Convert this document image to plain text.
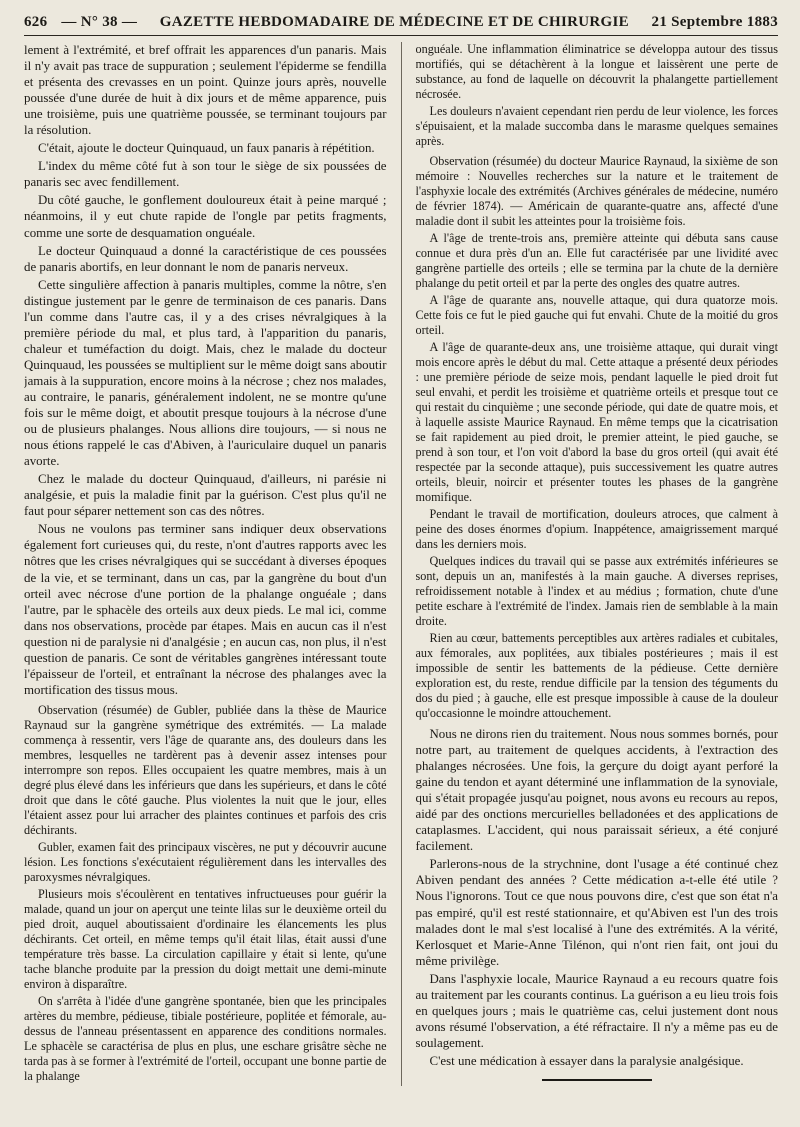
626 — N° 38 —	GAZETTE HEBDOMADAIRE DE MÉDECINE ET DE CHIRURGIE	21 Septembre 1883

lement à l'extrémité, et bref offrait les apparences d'un panaris. Mais il n'y avait pas trace de suppuration ; seulement l'épiderme se fendilla et présenta des crevasses en un point. Quinze jours après, nouvelle poussée d'une durée de huit à dix jours et de même apparence, puis une troisième, puis une quatrième poussée, se terminant toujours par la résolution.

C'était, ajoute le docteur Quinquaud, un faux panaris à répétition.

L'index du même côté fut à son tour le siège de six poussées de panaris sec avec fendillement.

Du côté gauche, le gonflement douloureux était à peine marqué ; néanmoins, il y eut chute rapide de l'ongle par petits fragments, comme une sorte de desquamation onguéale.

Le docteur Quinquaud a donné la caractéristique de ces poussées de panaris abortifs, en leur donnant le nom de panaris nerveux.

Cette singulière affection à panaris multiples, comme la nôtre, s'en distingue justement par le genre de terminaison de ces panaris. Dans l'un comme dans l'autre cas, il y a des crises névralgiques à la première période du mal, et plus tard, à l'apparition du panaris, chaleur et tuméfaction du doigt. Mais, chez le malade du docteur Quinquaud, les poussées se multiplient sur le même doigt sans aboutir jamais à la suppuration, encore moins à la nécrose ; chez nos malades, au contraire, le panaris, généralement indolent, ne se montre qu'une fois sur le même doigt, et aboutit presque toujours à la nécrose d'une ou de plusieurs phalanges. Nous allions dire toujours, — si nous ne nous étions rappelé le cas d'Abiven, à l'auriculaire duquel un panaris avorte.

Chez le malade du docteur Quinquaud, d'ailleurs, ni parésie ni analgésie, et puis la maladie finit par la guérison. C'est plus qu'il ne faut pour séparer nettement son cas des nôtres.

Nous ne voulons pas terminer sans indiquer deux observations également fort curieuses qui, du reste, n'ont d'autres rapports avec les nôtres que les crises névralgiques qui se succédant à diverses époques de la vie, et se terminant, dans un cas, par la gangrène du bout d'un orteil avec nécrose d'une portion de la phalange onguéale ; dans l'autre, par le sphacèle des orteils aux deux pieds. Le mal ici, comme dans nos observations, procède par étapes. Mais en aucun cas il n'est question ni de paralysie ni d'analgésie ; en aucun cas, non plus, il n'est question de panaris. Ce sont de véritables gangrènes intéressant toute l'épaisseur de l'orteil, et entraînant la nécrose des phalanges avec la mortification des tissus mous.

Observation (résumée) de Gubler, publiée dans la thèse de Maurice Raynaud sur la gangrène symétrique des extrémités. — La malade commença à ressentir, vers l'âge de quarante ans, des douleurs dans les membres, lesquelles ne tardèrent pas à devenir assez intenses pour interrompre son repos. Elles occupaient les quatre membres, mais à un degré plus élevé dans les inférieurs que dans les supérieurs, et dans le côté droit que dans le côté gauche. Plus violentes la nuit que le jour, elles l'étaient assez pour lui arracher des plaintes continues et parfois des cris déchirants.

Gubler, examen fait des principaux viscères, ne put y découvrir aucune lésion. Les fonctions s'exécutaient régulièrement dans les intervalles des paroxysmes névralgiques.

Plusieurs mois s'écoulèrent en tentatives infructueuses pour guérir la malade, quand un jour on aperçut une teinte lilas sur le deuxième orteil du pied droit, auquel aboutissaient d'ordinaire les élancements les plus déchirants. Cet orteil, en même temps qu'il était lilas, était aussi d'une température très basse. La circulation capillaire y était si lente, qu'une tache blanche produite par la pression du doigt mettait une demi-minute environ à disparaître.

On s'arrêta à l'idée d'une gangrène spontanée, bien que les principales artères du membre, pédieuse, tibiale postérieure, poplitée et fémorale, au-dessus de l'anneau présentassent en apparence des conditions normales. Le sphacèle se caractérisa de plus en plus, une eschare grisâtre sèche ne tarda pas à se former à l'extrémité de l'orteil, occupant une bonne partie de la phalange

onguéale. Une inflammation éliminatrice se développa autour des tissus mortifiés, qui se détachèrent à la longue et laissèrent une perte de substance, au fond de laquelle on découvrit la phalangette partiellement nécrosée.

Les douleurs n'avaient cependant rien perdu de leur violence, les forces s'épuisaient, et la malade succomba dans le marasme quelques semaines après.

Observation (résumée) du docteur Maurice Raynaud, la sixième de son mémoire : Nouvelles recherches sur la nature et le traitement de l'asphyxie locale des extrémités (Archives générales de médecine, numéro de février 1874). — Américain de quarante-quatre ans, affecté d'une maladie dont il subit les atteintes pour la troisième fois.

A l'âge de trente-trois ans, première atteinte qui débuta sans cause connue et dura près d'un an. Elle fut caractérisée par une lividité avec gangrène partielle des orteils ; elle se termina par la chute de la dernière phalange du petit orteil et par la perte des ongles des quatre autres.

A l'âge de quarante ans, nouvelle attaque, qui dura quatorze mois. Cette fois ce fut le pied gauche qui fut envahi. Chute de la moitié du gros orteil.

A l'âge de quarante-deux ans, une troisième attaque, qui durait vingt mois encore après le début du mal. Cette attaque a présenté deux périodes : une première période de seize mois, pendant laquelle le pied droit fut seul envahi, et perdit les troisième et quatrième orteils et presque tout ce qui restait du cinquième ; une seconde période, qui date de quatre mois, et à laquelle assiste Maurice Raynaud. En même temps que la cicatrisation se fait rapidement au pied droit, le premier atteint, le pied gauche, se prend à son tour, et l'on voit d'abord la base du gros orteil (qui avait été respectée par la seconde attaque), puis successivement les quatre autres orteils, bleuir, noircir et présenter toutes les phases de la gangrène momifique.

Pendant le travail de mortification, douleurs atroces, que calment à peine des doses énormes d'opium. Inappétence, amaigrissement marqué dans les derniers mois.

Quelques indices du travail qui se passe aux extrémités inférieures se sont, depuis un an, manifestés à la main gauche. A diverses reprises, refroidissement notable à l'index et au médius ; formation, chute d'une petite eschare à l'extrémité de l'index. Jamais rien de semblable à la main droite.

Rien au cœur, battements perceptibles aux artères radiales et cubitales, aux fémorales, aux poplitées, aux tibiales postérieures ; mais il est impossible de sentir les battements de la pédieuse. Cette dernière exploration est, du reste, rendue difficile par la tension des téguments du dos du pied ; à gauche, elle est presque impossible à cause de la douleur qu'occasionne le moindre attouchement.

Nous ne dirons rien du traitement. Nous nous sommes bornés, pour notre part, au traitement de quelques accidents, à l'extraction des phalanges nécrosées. Une fois, la gerçure du doigt ayant perforé la gaine du tendon et ayant déterminé une inflammation de la synoviale, qui s'était propagée jusqu'au poignet, nous avons eu recours au repos, aidé par des onctions mercurielles belladonées et des applications de cataplasmes. L'accident, qui nous paraissait sérieux, a été conjuré facilement.

Parlerons-nous de la strychnine, dont l'usage a été continué chez Abiven pendant des années ? Cette médication a-t-elle été utile ? Nous l'ignorons. Tout ce que nous pouvons dire, c'est que son état n'a pas empiré, qu'il est resté stationnaire, et qu'Abiven est l'un des trois malades dont le mal s'est localisé à l'une des extrémités. A la vérité, Kerlosquet et Marie-Anne Tilénon, qui n'ont rien fait, ont joui du même privilège.

Dans l'asphyxie locale, Maurice Raynaud a eu recours quatre fois au traitement par les courants continus. La guérison a eu lieu trois fois en quelques jours ; mais le quatrième cas, celui justement dont nous avons résumé l'observation, a été réfractaire. Il n'y a même pas eu de soulagement.

C'est une médication à essayer dans la paralysie analgésique.
